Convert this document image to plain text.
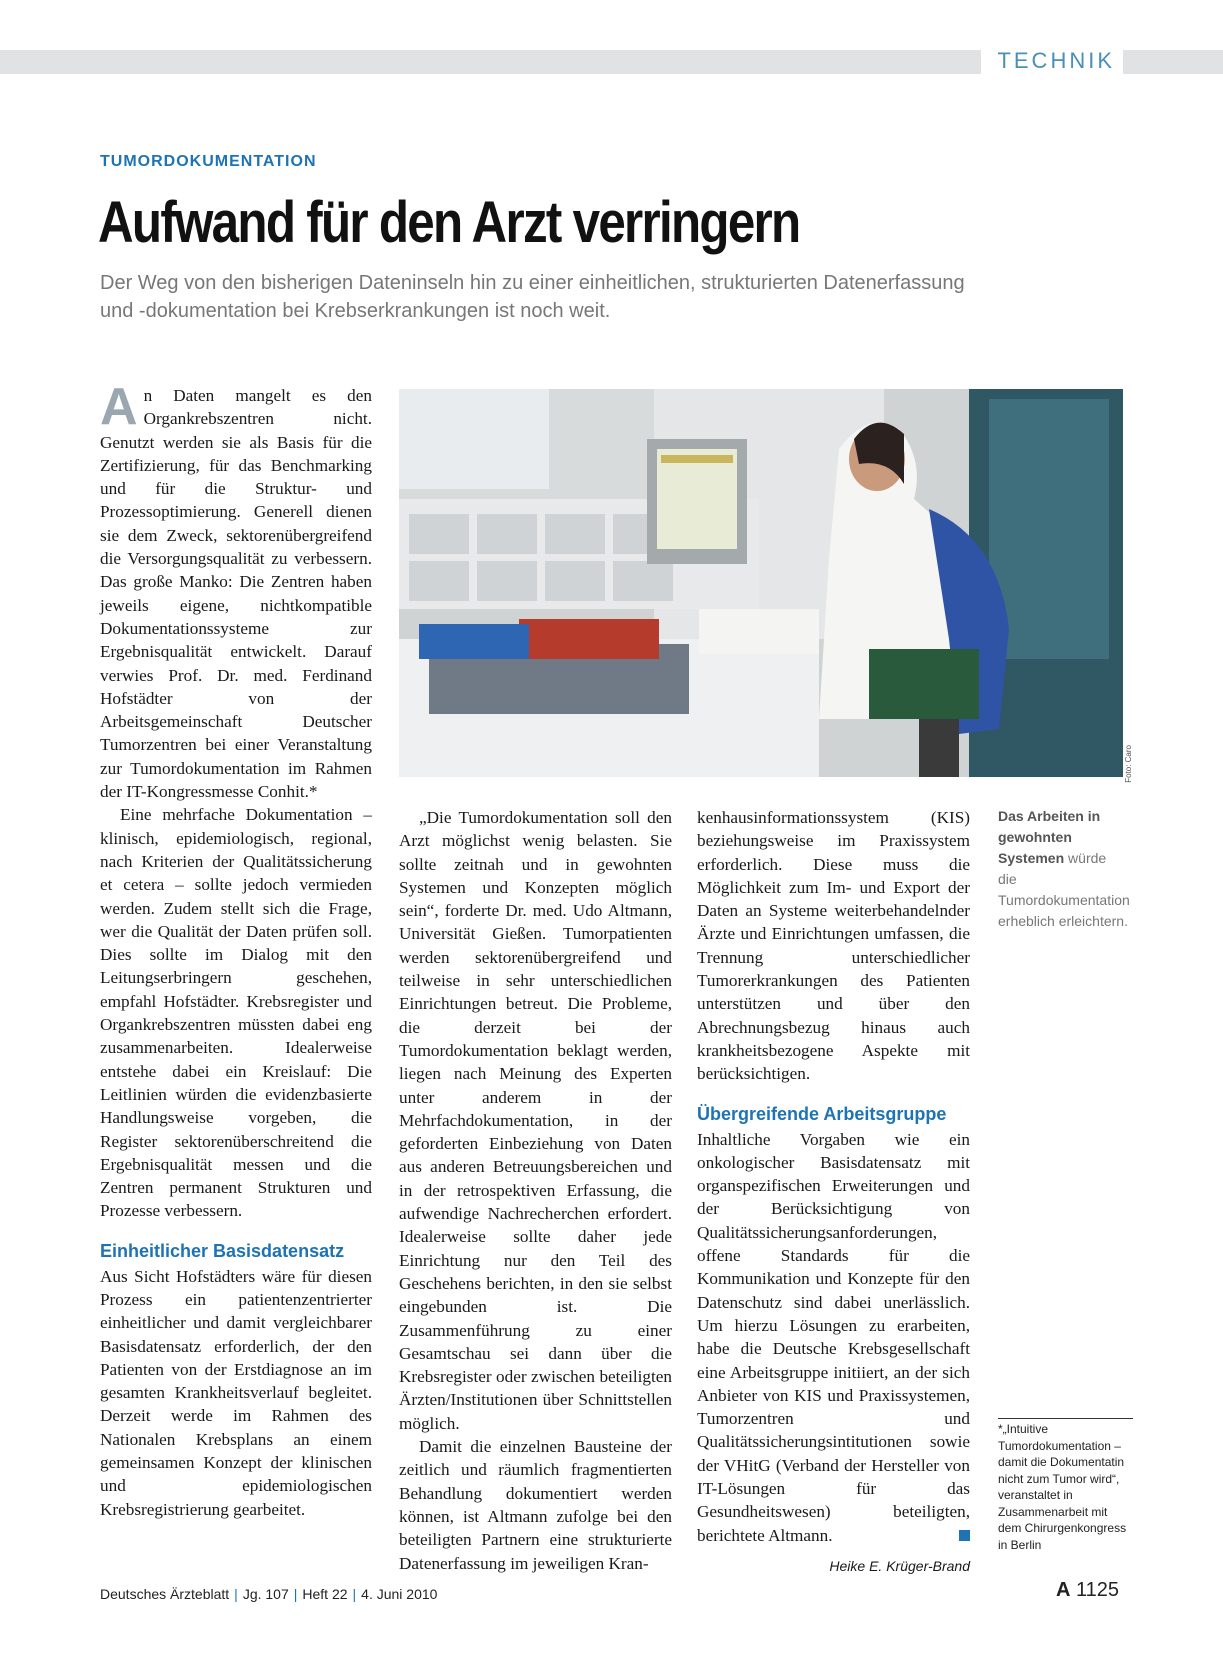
TECHNIK
TUMORDOKUMENTATION
Aufwand für den Arzt verringern
Der Weg von den bisherigen Dateninseln hin zu einer einheitlichen, strukturierten Datenerfassung und -dokumentation bei Krebserkrankungen ist noch weit.

An Daten mangelt es den Organkrebszentren nicht. Genutzt werden sie als Basis für die Zertifizierung, für das Benchmarking und für die Struktur- und Prozessoptimierung. Generell dienen sie dem Zweck, sektorenübergreifend die Versorgungsqualität zu verbessern. Das große Manko: Die Zentren haben jeweils eigene, nichtkompatible Dokumentationssysteme zur Ergebnisqualität entwickelt. Darauf verwies Prof. Dr. med. Ferdinand Hofstädter von der Arbeitsgemeinschaft Deutscher Tumorzentren bei einer Veranstaltung zur Tumordokumentation im Rahmen der IT-Kongressmesse Conhit.*

Eine mehrfache Dokumentation – klinisch, epidemiologisch, regional, nach Kriterien der Qualitätssicherung et cetera – sollte jedoch vermieden werden. Zudem stellt sich die Frage, wer die Qualität der Daten prüfen soll. Dies sollte im Dialog mit den Leitungserbringern geschehen, empfahl Hofstädter. Krebsregister und Organkrebszentren müssten dabei eng zusammenarbeiten. Idealerweise entstehe dabei ein Kreislauf: Die Leitlinien würden die evidenzbasierte Handlungsweise vorgeben, die Register sektorenüberschreitend die Ergebnisqualität messen und die Zentren permanent Strukturen und Prozesse verbessern.

Einheitlicher Basisdatensatz

Aus Sicht Hofstädters wäre für diesen Prozess ein patientenzentrierter einheitlicher und damit vergleichbarer Basisdatensatz erforderlich, der den Patienten von der Erstdiagnose an im gesamten Krankheitsverlauf begleitet. Derzeit werde im Rahmen des Nationalen Krebsplans an einem gemeinsamen Konzept der klinischen und epidemiologischen Krebsregistrierung gearbeitet.

Foto: Caro

„Die Tumordokumentation soll den Arzt möglichst wenig belasten. Sie sollte zeitnah und in gewohnten Systemen und Konzepten möglich sein“, forderte Dr. med. Udo Altmann, Universität Gießen. Tumorpatienten werden sektorenübergreifend und teilweise in sehr unterschiedlichen Einrichtungen betreut. Die Probleme, die derzeit bei der Tumordokumentation beklagt werden, liegen nach Meinung des Experten unter anderem in der Mehrfachdokumentation, in der geforderten Einbeziehung von Daten aus anderen Betreuungsbereichen und in der retrospektiven Erfassung, die aufwendige Nachrecherchen erfordert. Idealerweise sollte daher jede Einrichtung nur den Teil des Geschehens berichten, in den sie selbst eingebunden ist. Die Zusammenführung zu einer Gesamtschau sei dann über die Krebsregister oder zwischen beteiligten Ärzten/Institutionen über Schnittstellen möglich.

Damit die einzelnen Bausteine der zeitlich und räumlich fragmentierten Behandlung dokumentiert werden können, ist Altmann zufolge bei den beteiligten Partnern eine strukturierte Datenerfassung im jeweiligen Kran-

kenhausinformationssystem (KIS) beziehungsweise im Praxissystem erforderlich. Diese muss die Möglichkeit zum Im- und Export der Daten an Systeme weiterbehandelnder Ärzte und Einrichtungen umfassen, die Trennung unterschiedlicher Tumorerkrankungen des Patienten unterstützen und über den Abrechnungsbezug hinaus auch krankheitsbezogene Aspekte mit berücksichtigen.

Übergreifende Arbeitsgruppe

Inhaltliche Vorgaben wie ein onkologischer Basisdatensatz mit organspezifischen Erweiterungen und der Berücksichtigung von Qualitätssicherungsanforderungen, offene Standards für die Kommunikation und Konzepte für den Datenschutz sind dabei unerlässlich. Um hierzu Lösungen zu erarbeiten, habe die Deutsche Krebsgesellschaft eine Arbeitsgruppe initiiert, an der sich Anbieter von KIS und Praxissystemen, Tumorzentren und Qualitätssicherungsintitutionen sowie der VHitG (Verband der Hersteller von IT-Lösungen für das Gesundheitswesen) beteiligten, berichtete Altmann.

Heike E. Krüger-Brand

Das Arbeiten in gewohnten Systemen würde die Tumordokumentation erheblich erleichtern.
*„Intuitive Tumordokumentation – damit die Dokumentatin nicht zum Tumor wird“, veranstaltet in Zusammenarbeit mit dem Chirurgenkongress in Berlin
Deutsches Ärzteblatt | Jg. 107 | Heft 22 | 4. Juni 2010	A 1125
